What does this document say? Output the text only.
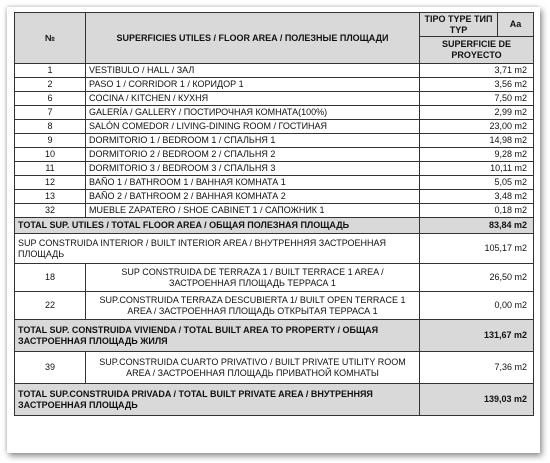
№	SUPERFICIES UTILES / FLOOR AREA / ПОЛЕЗНЫЕ ПЛОЩАДИ	TIPO TYPE ТИП TYP	Aa
		SUPERFICIE DE PROYECTO	
1	VESTIBULO / HALL / ЗАЛ	3,71 m2	
2	PASO 1 / CORRIDOR 1 / КОРИДОР 1	3,56 m2	
6	COCINA / KITCHEN / КУХНЯ	7,50 m2	
7	GALERÍA / GALLERY / ПОСТИРОЧНАЯ КОМНАТА(100%)	2,99 m2	
8	SALÓN COMEDOR / LIVING-DINING ROOM / ГОСТИНАЯ	23,00 m2	
9	DORMITORIO 1 / BEDROOM 1 / СПАЛЬНЯ 1	14,98 m2	
10	DORMITORIO 2 / BEDROOM 2 / СПАЛЬНЯ 2	9,28 m2	
11	DORMITORIO 3 / BEDROOM 3 / СПАЛЬНЯ 3	10,11 m2	
12	BAÑO 1 / BATHROOM 1 / ВАННАЯ КОМНАТА 1	5,05 m2	
13	BAÑO 2 / BATHROOM 2 / ВАННАЯ КОМНАТА 2	3,48 m2	
32	MUEBLE ZAPATERO / SHOE CABINET 1 / САПОЖНИК 1	0,18 m2	
TOTAL SUP. UTILES / TOTAL FLOOR AREA / ОБЩАЯ ПОЛЕЗНАЯ ПЛОЩАДЬ		83,84 m2	
SUP CONSTRUIDA INTERIOR / BUILT INTERIOR AREA / ВНУТРЕННЯЯ ЗАСТРОЕННАЯ ПЛОЩАДЬ		105,17 m2	
18	SUP CONSTRUIDA DE TERRAZA 1 / BUILT TERRACE 1 AREA / ЗАСТРОЕННАЯ ПЛОЩАДЬ ТЕРРАСА 1	26,50 m2	
22	SUP.CONSTRUIDA TERRAZA DESCUBIERTA 1/ BUILT OPEN TERRACE 1 AREA / ЗАСТРОЕННАЯ ПЛОЩАДЬ ОТКРЫТАЯ ТЕРРАСА 1	0,00 m2	
TOTAL SUP. CONSTRUIDA VIVIENDA / TOTAL BUILT AREA TO PROPERTY / ОБЩАЯ ЗАСТРОЕННАЯ ПЛОЩАДЬ ЖИЛЯ		131,67 m2	
39	SUP.CONSTRUIDA CUARTO PRIVATIVO / BUILT PRIVATE UTILITY ROOM AREA / ЗАСТРОЕННАЯ ПЛОЩАДЬ ПРИВАТНОЙ КОМНАТЫ	7,36 m2	
TOTAL SUP.CONSTRUIDA PRIVADA / TOTAL BUILT PRIVATE AREA / ВНУТРЕННЯЯ ЗАСТРОЕННАЯ ПЛОЩАДЬ		139,03 m2	
